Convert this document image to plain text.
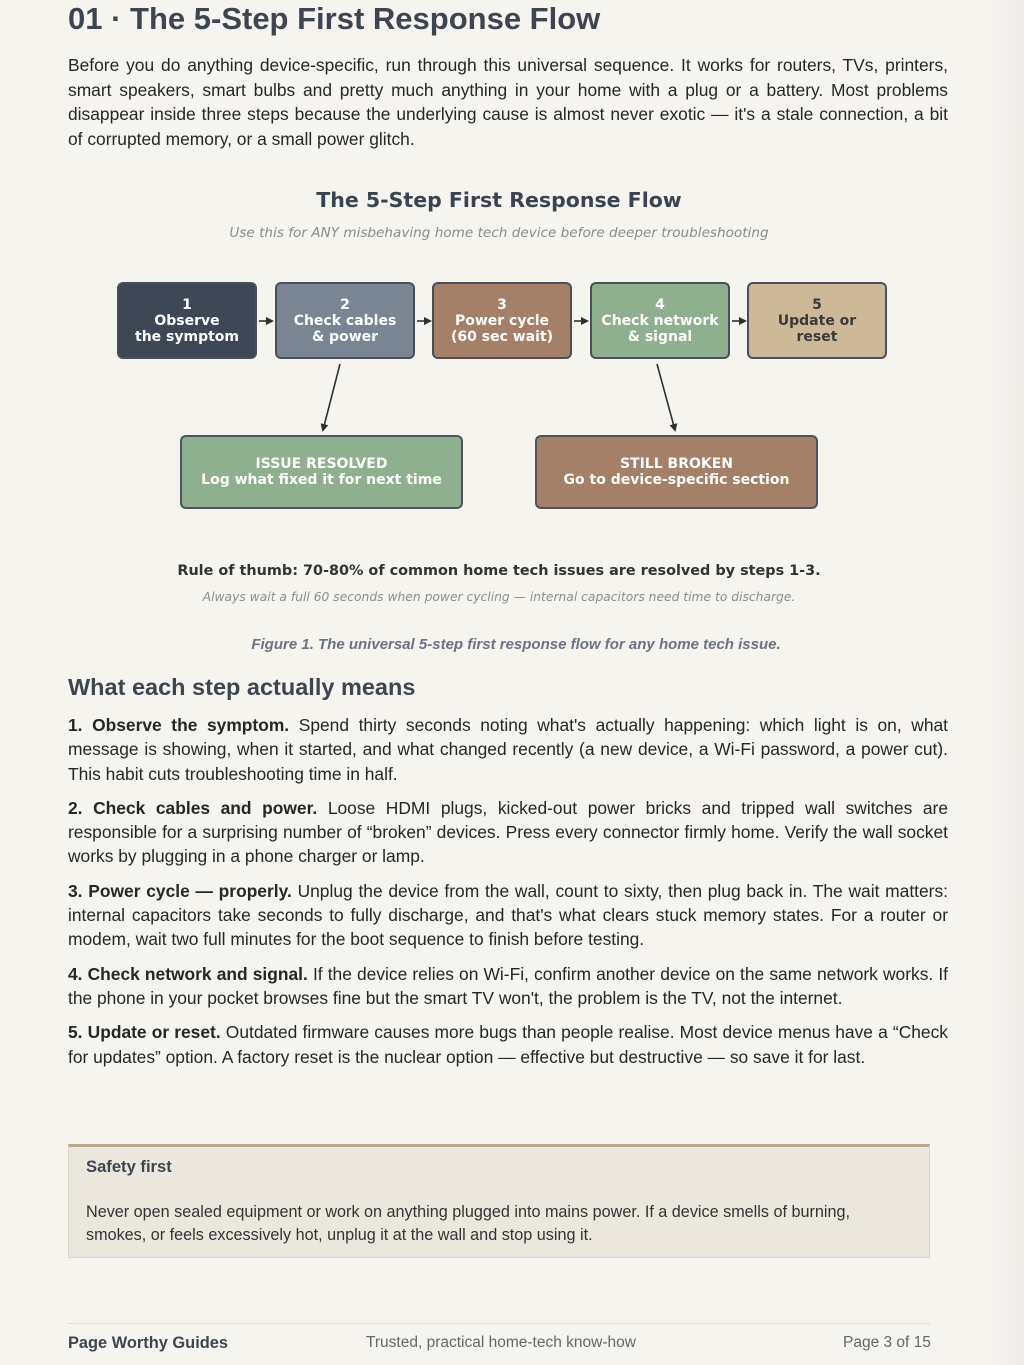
01 · The 5-Step First Response Flow

Before you do anything device-specific, run through this universal sequence. It works for routers, TVs, printers, smart speakers, smart bulbs and pretty much anything in your home with a plug or a battery. Most problems disappear inside three steps because the underlying cause is almost never exotic — it's a stale connection, a bit of corrupted memory, or a small power glitch.

The 5-Step First Response Flow
Use this for ANY misbehaving home tech device before deeper troubleshooting
1
Observe
the symptom
2
Check cables
& power
3
Power cycle
(60 sec wait)
4
Check network
& signal
5
Update or
reset
ISSUE RESOLVED
Log what fixed it for next time
STILL BROKEN
Go to device-specific section
Rule of thumb: 70-80% of common home tech issues are resolved by steps 1-3.
Always wait a full 60 seconds when power cycling — internal capacitors need time to discharge.
Figure 1. The universal 5-step first response flow for any home tech issue.
What each step actually means

1. Observe the symptom. Spend thirty seconds noting what's actually happening: which light is on, what message is showing, when it started, and what changed recently (a new device, a Wi-Fi password, a power cut). This habit cuts troubleshooting time in half.

2. Check cables and power. Loose HDMI plugs, kicked-out power bricks and tripped wall switches are responsible for a surprising number of “broken” devices. Press every connector firmly home. Verify the wall socket works by plugging in a phone charger or lamp.

3. Power cycle — properly. Unplug the device from the wall, count to sixty, then plug back in. The wait matters: internal capacitors take seconds to fully discharge, and that's what clears stuck memory states. For a router or modem, wait two full minutes for the boot sequence to finish before testing.

4. Check network and signal. If the device relies on Wi-Fi, confirm another device on the same network works. If the phone in your pocket browses fine but the smart TV won't, the problem is the TV, not the internet.

5. Update or reset. Outdated firmware causes more bugs than people realise. Most device menus have a “Check for updates” option. A factory reset is the nuclear option — effective but destructive — so save it for last.

Safety first

Never open sealed equipment or work on anything plugged into mains power. If a device smells of burning, smokes, or feels excessively hot, unplug it at the wall and stop using it.

Page Worthy Guides	Trusted, practical home-tech know-how	Page 3 of 15
